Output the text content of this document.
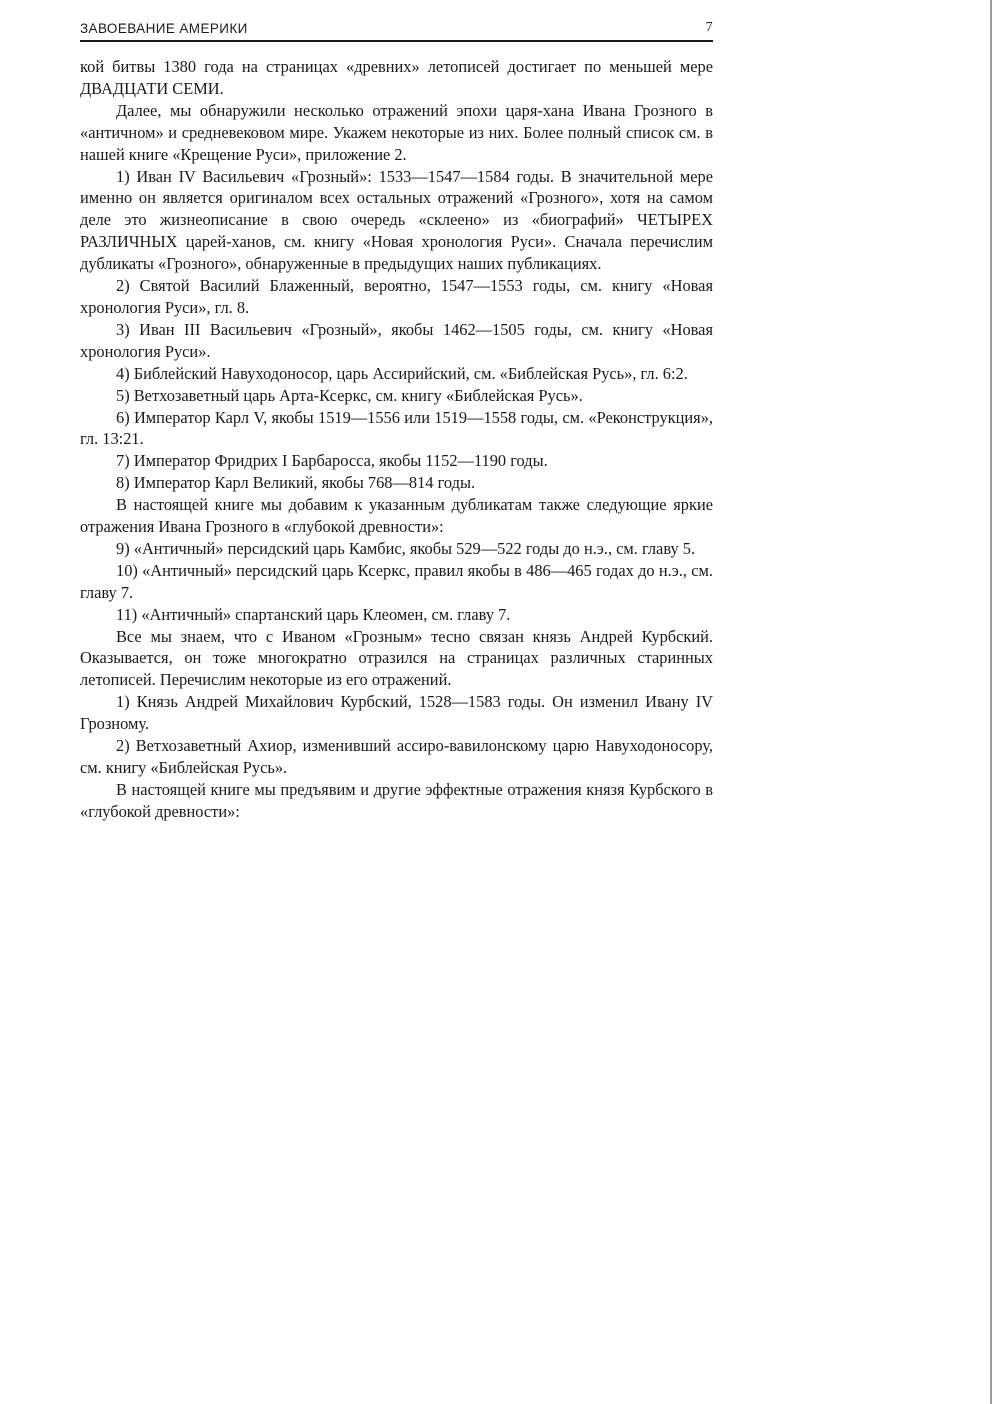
ЗАВОЕВАНИЕ АМЕРИКИ	7

кой битвы 1380 года на страницах «древних» летописей достигает по меньшей мере ДВАДЦАТИ СЕМИ.

Далее, мы обнаружили несколько отражений эпохи царя-хана Ивана Грозного в «античном» и средневековом мире. Укажем некоторые из них. Более полный список см. в нашей книге «Крещение Руси», приложение 2.

1) Иван IV Васильевич «Грозный»: 1533—1547—1584 годы. В значительной мере именно он является оригиналом всех остальных отражений «Грозного», хотя на самом деле это жизнеописание в свою очередь «склеено» из «биографий» ЧЕТЫРЕХ РАЗЛИЧНЫХ царей-ханов, см. книгу «Новая хронология Руси». Сначала перечислим дубликаты «Грозного», обнаруженные в предыдущих наших публикациях.

2) Святой Василий Блаженный, вероятно, 1547—1553 годы, см. книгу «Новая хронология Руси», гл. 8.

3) Иван III Васильевич «Грозный», якобы 1462—1505 годы, см. книгу «Новая хронология Руси».

4) Библейский Навуходоносор, царь Ассирийский, см. «Библейская Русь», гл. 6:2.

5) Ветхозаветный царь Арта-Ксеркс, см. книгу «Библейская Русь».

6) Император Карл V, якобы 1519—1556 или 1519—1558 годы, см. «Реконструкция», гл. 13:21.

7) Император Фридрих I Барбаросса, якобы 1152—1190 годы.

8) Император Карл Великий, якобы 768—814 годы.

В настоящей книге мы добавим к указанным дубликатам также следующие яркие отражения Ивана Грозного в «глубокой древности»:

9) «Античный» персидский царь Камбис, якобы 529—522 годы до н.э., см. главу 5.

10) «Античный» персидский царь Ксеркс, правил якобы в 486—465 годах до н.э., см. главу 7.

11) «Античный» спартанский царь Клеомен, см. главу 7.

Все мы знаем, что с Иваном «Грозным» тесно связан князь Андрей Курбский. Оказывается, он тоже многократно отразился на страницах различных старинных летописей. Перечислим некоторые из его отражений.

1) Князь Андрей Михайлович Курбский, 1528—1583 годы. Он изменил Ивану IV Грозному.

2) Ветхозаветный Ахиор, изменивший ассиро-вавилонскому царю Навуходоносору, см. книгу «Библейская Русь».

В настоящей книге мы предъявим и другие эффектные отражения князя Курбского в «глубокой древности»:
